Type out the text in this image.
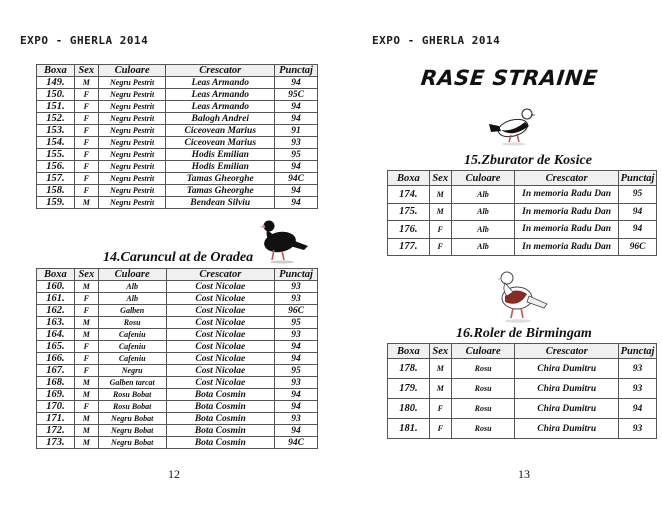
EXPO - GHERLA 2014
Boxa	Sex	Culoare	Crescator	Punctaj
149.	M	Negru Pestrit	Leas Armando	94
150.	F	Negru Pestrit	Leas Armando	95C
151.	F	Negru Pestrit	Leas Armando	94
152.	F	Negru Pestrit	Balogh Andrei	94
153.	F	Negru Pestrit	Ciceovean Marius	91
154.	F	Negru Pestrit	Ciceovean Marius	93
155.	F	Negru Pestrit	Hodis Emilian	95
156.	F	Negru Pestrit	Hodis Emilian	94
157.	F	Negru Pestrit	Tamas Gheorghe	94C
158.	F	Negru Pestrit	Tamas Gheorghe	94
159.	M	Negru Pestrit	Bendean Silviu	94
14.Caruncul at de Oradea
Boxa	Sex	Culoare	Crescator	Punctaj
160.	M	Alb	Cost Nicolae	93
161.	F	Alb	Cost Nicolae	93
162.	F	Galben	Cost Nicolae	96C
163.	M	Rosu	Cost Nicolae	95
164.	M	Cafeniu	Cost Nicolae	93
165.	F	Cafeniu	Cost Nicolae	94
166.	F	Cafeniu	Cost Nicolae	94
167.	F	Negru	Cost Nicolae	95
168.	M	Galben tarcat	Cost Nicolae	93
169.	M	Rosu Bobat	Bota Cosmin	94
170.	F	Rosu Bobat	Bota Cosmin	94
171.	M	Negru Bobat	Bota Cosmin	93
172.	M	Negru Bobat	Bota Cosmin	94
173.	M	Negru Bobat	Bota Cosmin	94C
12
EXPO - GHERLA 2014
RASE STRAINE
15.Zburator de Kosice
Boxa	Sex	Culoare	Crescator	Punctaj
174.	M	Alb	In memoria Radu Dan	95
175.	M	Alb	In memoria Radu Dan	94
176.	F	Alb	In memoria Radu Dan	94
177.	F	Alb	In memoria Radu Dan	96C
16.Roler de Birmingam
Boxa	Sex	Culoare	Crescator	Punctaj
178.	M	Rosu	Chira Dumitru	93
179.	M	Rosu	Chira Dumitru	93
180.	F	Rosu	Chira Dumitru	94
181.	F	Rosu	Chira Dumitru	93
13
